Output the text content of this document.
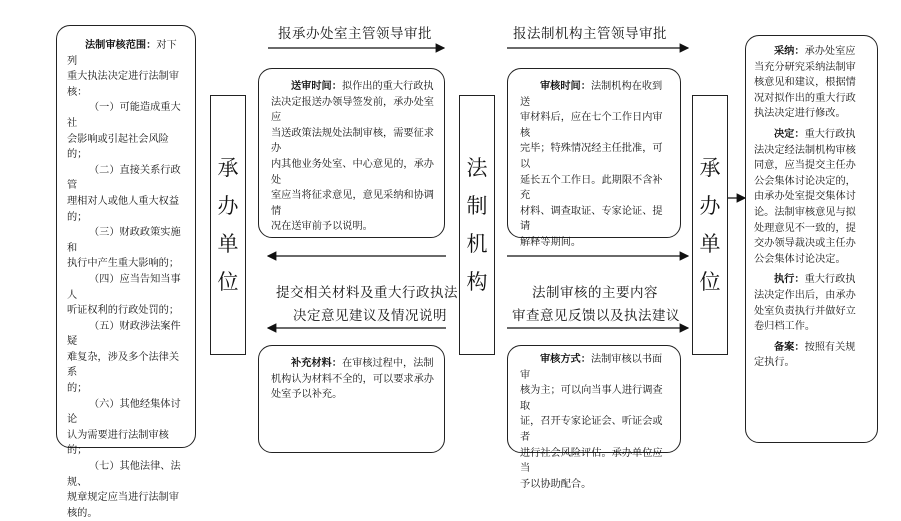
法制审核范围：对下列

重大执法决定进行法制审

核：

（一）可能造成重大社

会影响或引起社会风险的；

（二）直接关系行政管

理相对人或他人重大权益

的；

（三）财政政策实施和

执行中产生重大影响的；

（四）应当告知当事人

听证权利的行政处罚的；

（五）财政涉法案件疑

难复杂，涉及多个法律关系

的；

（六）其他经集体讨论

认为需要进行法制审核的；

（七）其他法律、法规、

规章规定应当进行法制审

核的。

承
办
单
位
法
制
机
构
承
办
单
位
报承办处室主管领导审批	报法制机构主管领导审批
提交相关材料及重大行政执法
决定意见建议及情况说明
法制审核的主要内容
审查意见反馈以及执法建议

送审时间：拟作出的重大行政执

法决定报送办领导签发前，承办处室应

当送政策法规处法制审核，需要征求办

内其他业务处室、中心意见的，承办处

室应当将征求意见，意见采纳和协调情

况在送审前予以说明。

审核时间：法制机构在收到送

审材料后，应在七个工作日内审核

完毕；特殊情况经主任批准，可以

延长五个工作日。此期限不含补充

材料、调查取证、专家论证、提请

解释等期间。

补充材料：在审核过程中，法制

机构认为材料不全的，可以要求承办

处室予以补充。

审核方式：法制审核以书面审

核为主；可以向当事人进行调查取

证，召开专家论证会、听证会或者

进行社会风险评估。承办单位应当

予以协助配合。

采纳：承办处室应

当充分研究采纳法制审

核意见和建议，根据情

况对拟作出的重大行政

执法决定进行修改。

决定：重大行政执

法决定经法制机构审核

同意，应当提交主任办

公会集体讨论决定的，

由承办处室提交集体讨

论。法制审核意见与拟

处理意见不一致的，提

交办领导裁决或主任办

公会集体讨论决定。

执行：重大行政执

法决定作出后，由承办

处室负责执行并做好立

卷归档工作。

备案：按照有关规

定执行。
